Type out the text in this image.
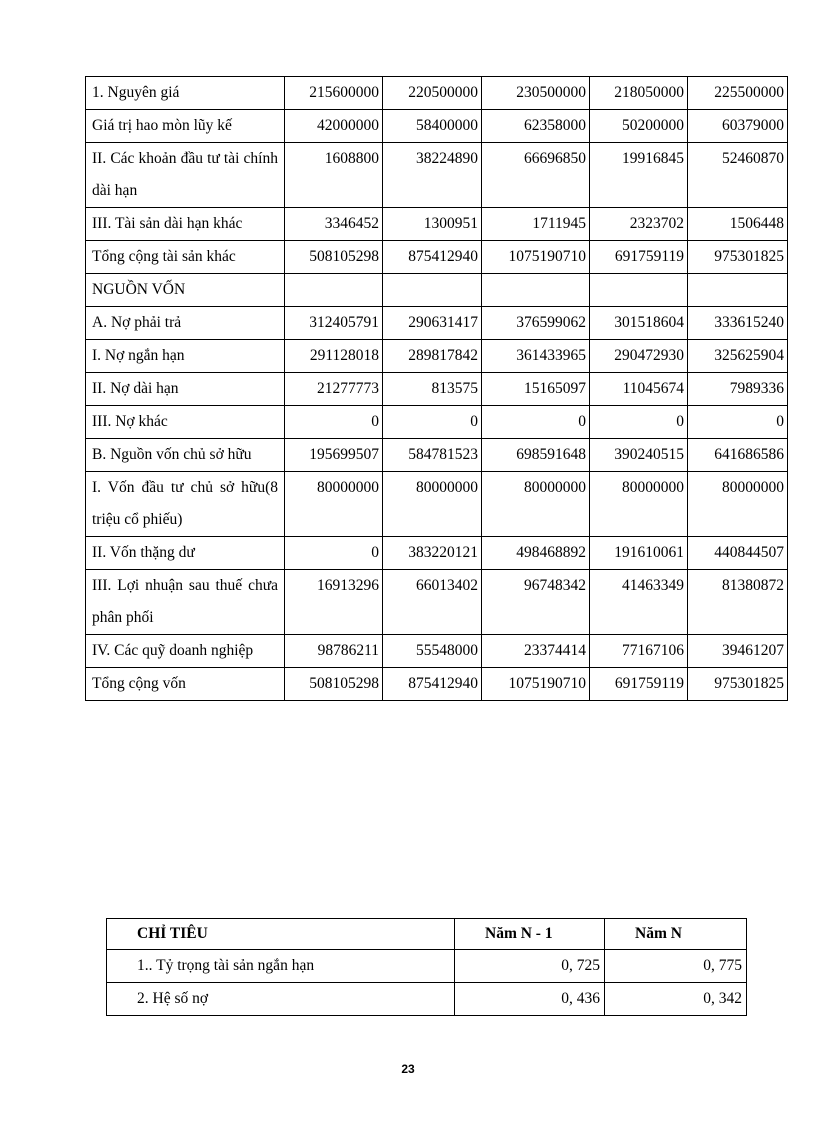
1. Nguyên giá	215600000	220500000	230500000	218050000	225500000
Giá trị hao mòn lũy kế	42000000	58400000	62358000	50200000	60379000
II. Các khoản đầu tư tài chính dài hạn	1608800	38224890	66696850	19916845	52460870
III. Tài sản dài hạn khác	3346452	1300951	1711945	2323702	1506448
Tổng cộng tài sản khác	508105298	875412940	1075190710	691759119	975301825
NGUỒN VỐN					
A. Nợ phải trả	312405791	290631417	376599062	301518604	333615240
I. Nợ ngắn hạn	291128018	289817842	361433965	290472930	325625904
II. Nợ dài hạn	21277773	813575	15165097	11045674	7989336
III. Nợ khác	0	0	0	0	0
B. Nguồn vốn chủ sở hữu	195699507	584781523	698591648	390240515	641686586
I. Vốn đầu tư chủ sở hữu(8 triệu cổ phiếu)	80000000	80000000	80000000	80000000	80000000
II. Vốn thặng dư	0	383220121	498468892	191610061	440844507
III. Lợi nhuận sau thuế chưa phân phối	16913296	66013402	96748342	41463349	81380872
IV. Các quỹ doanh nghiệp	98786211	55548000	23374414	77167106	39461207
Tổng cộng vốn	508105298	875412940	1075190710	691759119	975301825
CHỈ TIÊU	Năm N - 1	Năm N
1.. Tỷ trọng tài sản ngắn hạn	0, 725	0, 775
2. Hệ số nợ	0, 436	0, 342
23
